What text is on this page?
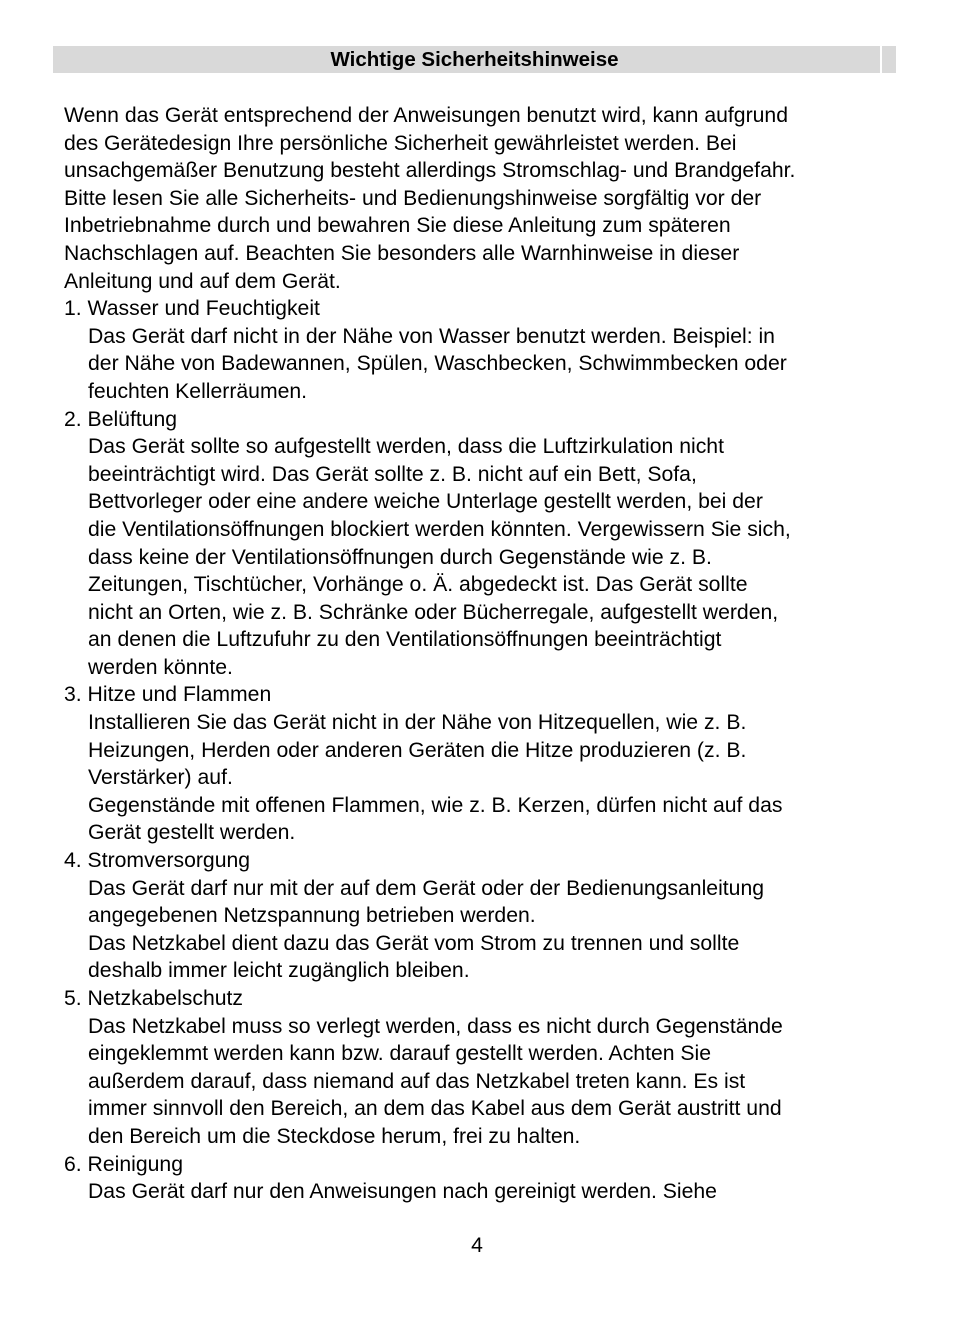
Wichtige Sicherheitshinweise
Wenn das Gerät entsprechend der Anweisungen benutzt wird, kann aufgrund
des Gerätedesign Ihre persönliche Sicherheit gewährleistet werden. Bei
unsachgemäßer Benutzung besteht allerdings Stromschlag- und Brandgefahr.
Bitte lesen Sie alle Sicherheits- und Bedienungshinweise sorgfältig vor der
Inbetriebnahme durch und bewahren Sie diese Anleitung zum späteren
Nachschlagen auf. Beachten Sie besonders alle Warnhinweise in dieser
Anleitung und auf dem Gerät.
1. Wasser und Feuchtigkeit
Das Gerät darf nicht in der Nähe von Wasser benutzt werden. Beispiel: in
der Nähe von Badewannen, Spülen, Waschbecken, Schwimmbecken oder
feuchten Kellerräumen.
2. Belüftung
Das Gerät sollte so aufgestellt werden, dass die Luftzirkulation nicht
beeinträchtigt wird. Das Gerät sollte z. B. nicht auf ein Bett, Sofa,
Bettvorleger oder eine andere weiche Unterlage gestellt werden, bei der
die Ventilationsöffnungen blockiert werden könnten. Vergewissern Sie sich,
dass keine der Ventilationsöffnungen durch Gegenstände wie z. B.
Zeitungen, Tischtücher, Vorhänge o. Ä. abgedeckt ist. Das Gerät sollte
nicht an Orten, wie z. B. Schränke oder Bücherregale, aufgestellt werden,
an denen die Luftzufuhr zu den Ventilationsöffnungen beeinträchtigt
werden könnte.
3. Hitze und Flammen
Installieren Sie das Gerät nicht in der Nähe von Hitzequellen, wie z. B.
Heizungen, Herden oder anderen Geräten die Hitze produzieren (z. B.
Verstärker) auf.
Gegenstände mit offenen Flammen, wie z. B. Kerzen, dürfen nicht auf das
Gerät gestellt werden.
4. Stromversorgung
Das Gerät darf nur mit der auf dem Gerät oder der Bedienungsanleitung
angegebenen Netzspannung betrieben werden.
Das Netzkabel dient dazu das Gerät vom Strom zu trennen und sollte
deshalb immer leicht zugänglich bleiben.
5. Netzkabelschutz
Das Netzkabel muss so verlegt werden, dass es nicht durch Gegenstände
eingeklemmt werden kann bzw. darauf gestellt werden. Achten Sie
außerdem darauf, dass niemand auf das Netzkabel treten kann. Es ist
immer sinnvoll den Bereich, an dem das Kabel aus dem Gerät austritt und
den Bereich um die Steckdose herum, frei zu halten.
6. Reinigung
Das Gerät darf nur den Anweisungen nach gereinigt werden. Siehe
4
